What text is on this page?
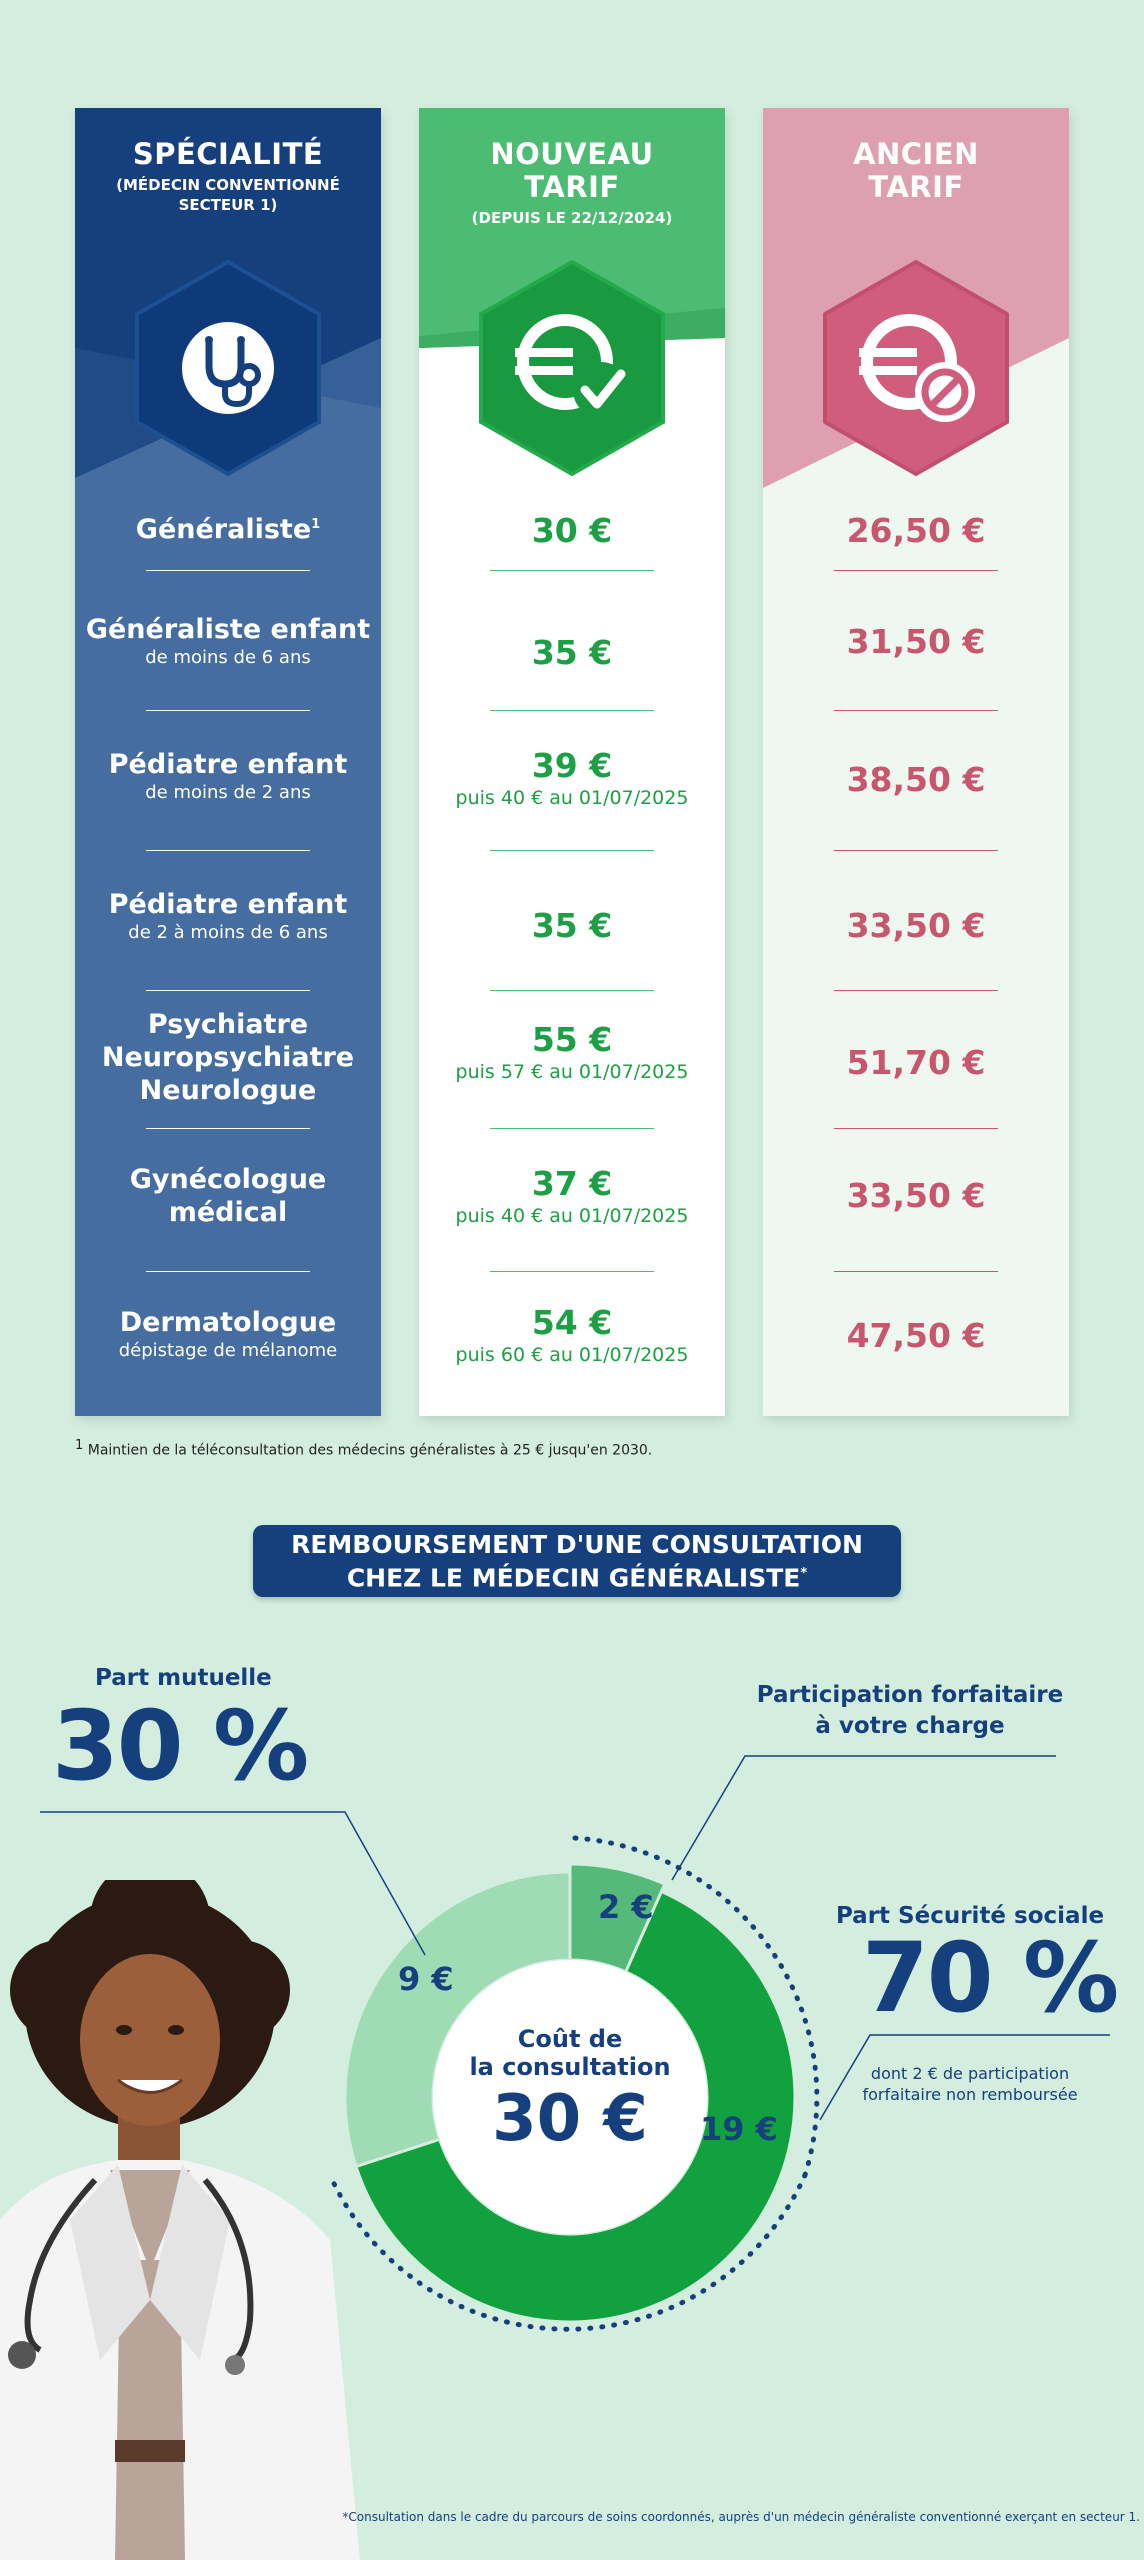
SPÉCIALITÉ
(MÉDECIN CONVENTIONNÉ
SECTEUR 1)
Généraliste$^1$
Généraliste enfant
de moins de 6 ans
Pédiatre enfant
de moins de 2 ans
Pédiatre enfant
de 2 à moins de 6 ans
Psychiatre
Neuropsychiatre
Neurologue
Gynécologue
médical
Dermatologue
dépistage de mélanome
NOUVEAU
TARIF
(DEPUIS LE 22/12/2024)
30 €
35 €
39 €
puis 40 € au 01/07/2025
35 €
55 €
puis 57 € au 01/07/2025
37 €
puis 40 € au 01/07/2025
54 €
puis 60 € au 01/07/2025
ANCIEN
TARIF
26,50 €
31,50 €
38,50 €
33,50 €
51,70 €
33,50 €
47,50 €
$^1$ Maintien de la téléconsultation des médecins généralistes à 25 € jusqu'en 2030.
REMBOURSEMENT D'UNE CONSULTATION
CHEZ LE MÉDECIN GÉNÉRALISTE*
Part mutuelle
30 %	Participation forfaitaire
à votre charge
Part Sécurité sociale
70 %
dont 2 € de participation
forfaitaire non remboursée
9 €
2 €
19 €
Coût de
la consultation
30 €
*Consultation dans le cadre du parcours de soins coordonnés, auprès d'un médecin généraliste conventionné exerçant en secteur 1.
